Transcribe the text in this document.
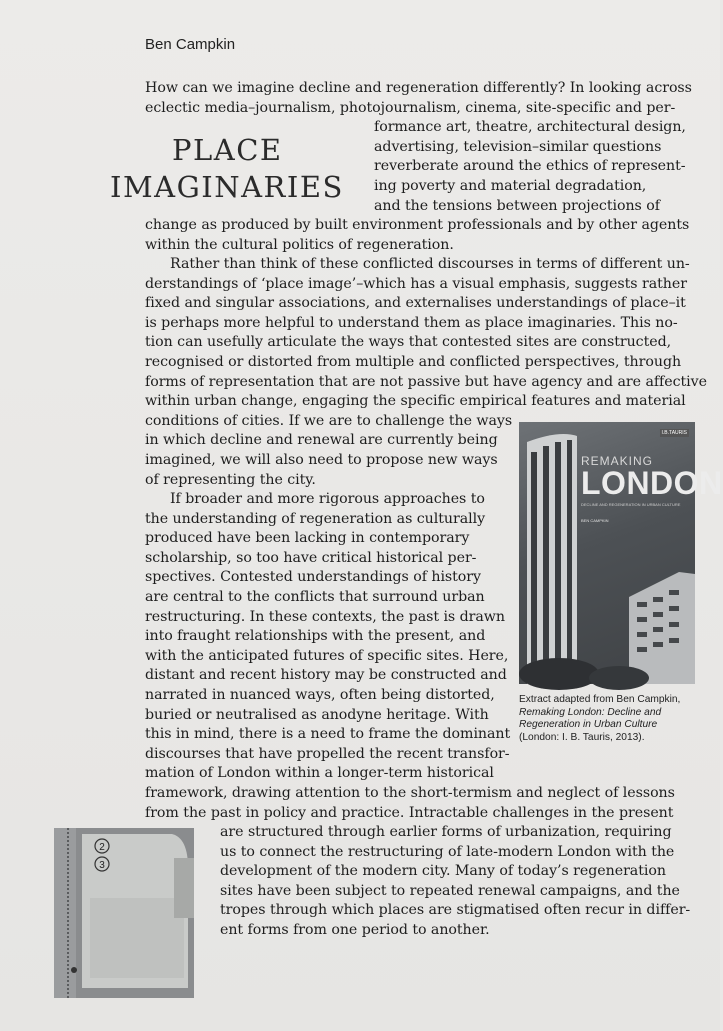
Ben Campkin
PLACE
IMAGINARIES
How can we imagine decline and regeneration differently? In looking across
eclectic media–journalism, photojournalism, cinema, site-specific and per-
formance art, theatre, architectural design,
advertising, television–similar questions
reverberate around the ethics of represent-
ing poverty and material degradation,
and the tensions between projections of
change as produced by built environment professionals and by other agents
within the cultural politics of regeneration.
Rather than think of these conflicted discourses in terms of different un-
derstandings of ‘place image’–which has a visual emphasis, suggests rather
fixed and singular associations, and externalises understandings of place–it
is perhaps more helpful to understand them as place imaginaries. This no-
tion can usefully articulate the ways that contested sites are constructed,
recognised or distorted from multiple and conflicted perspectives, through
forms of representation that are not passive but have agency and are affective
within urban change, engaging the specific empirical features and material
conditions of cities. If we are to challenge the ways
in which decline and renewal are currently being
imagined, we will also need to propose new ways
of representing the city.
If broader and more rigorous approaches to
the understanding of regeneration as culturally
produced have been lacking in contemporary
scholarship, so too have critical historical per-
spectives. Contested understandings of history
are central to the conflicts that surround urban
restructuring. In these contexts, the past is drawn
into fraught relationships with the present, and
with the anticipated futures of specific sites. Here,
distant and recent history may be constructed and
narrated in nuanced ways, often being distorted,
buried or neutralised as anodyne heritage. With
this in mind, there is a need to frame the dominant
discourses that have propelled the recent transfor-
mation of London within a longer-term historical
framework, drawing attention to the short-termism and neglect of lessons
from the past in policy and practice. Intractable challenges in the present
are structured through earlier forms of urbanization, requiring
us to connect the restructuring of late-modern London with the
development of the modern city. Many of today’s regeneration
sites have been subject to repeated renewal campaigns, and the
tropes through which places are stigmatised often recur in differ-
ent forms from one period to another.
I.B.TAURIS
REMAKING
LONDON
DECLINE AND REGENERATION IN URBAN CULTURE
BEN CAMPKIN
Extract adapted from Ben Campkin,
Remaking London: Decline and Regeneration in Urban Culture
(London: I. B. Tauris, 2013).
2
3
